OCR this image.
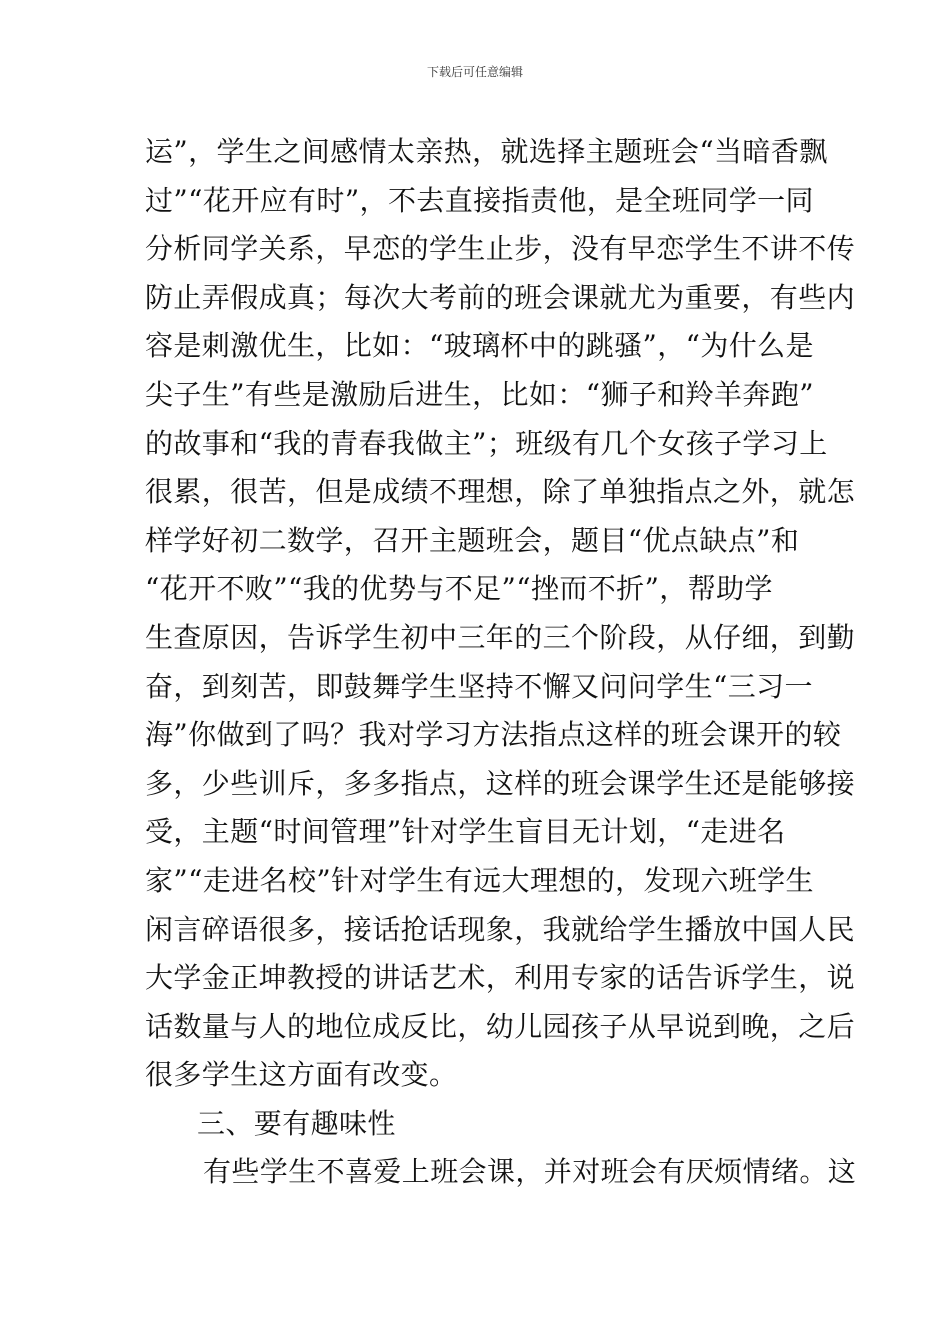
下载后可任意编辑
运”，学生之间感情太亲热，就选择主题班会“当暗香飘
过”“花开应有时”，不去直接指责他，是全班同学一同
分析同学关系，早恋的学生止步，没有早恋学生不讲不传
防止弄假成真；每次大考前的班会课就尤为重要，有些内
容是刺激优生，比如：“玻璃杯中的跳骚”，“为什么是
尖子生”有些是激励后进生，比如：“狮子和羚羊奔跑”
的故事和“我的青春我做主”；班级有几个女孩子学习上
很累，很苦，但是成绩不理想，除了单独指点之外，就怎
样学好初二数学，召开主题班会，题目“优点缺点”和
“花开不败”“我的优势与不足”“挫而不折”，帮助学
生查原因，告诉学生初中三年的三个阶段，从仔细，到勤
奋，到刻苦，即鼓舞学生坚持不懈又问问学生“三习一
海”你做到了吗？我对学习方法指点这样的班会课开的较
多，少些训斥，多多指点，这样的班会课学生还是能够接
受，主题“时间管理”针对学生盲目无计划，“走进名
家”“走进名校”针对学生有远大理想的，发现六班学生
闲言碎语很多，接话抢话现象，我就给学生播放中国人民
大学金正坤教授的讲话艺术，利用专家的话告诉学生，说
话数量与人的地位成反比，幼儿园孩子从早说到晚，之后
很多学生这方面有改变。
三、要有趣味性
有些学生不喜爱上班会课，并对班会有厌烦情绪。这
